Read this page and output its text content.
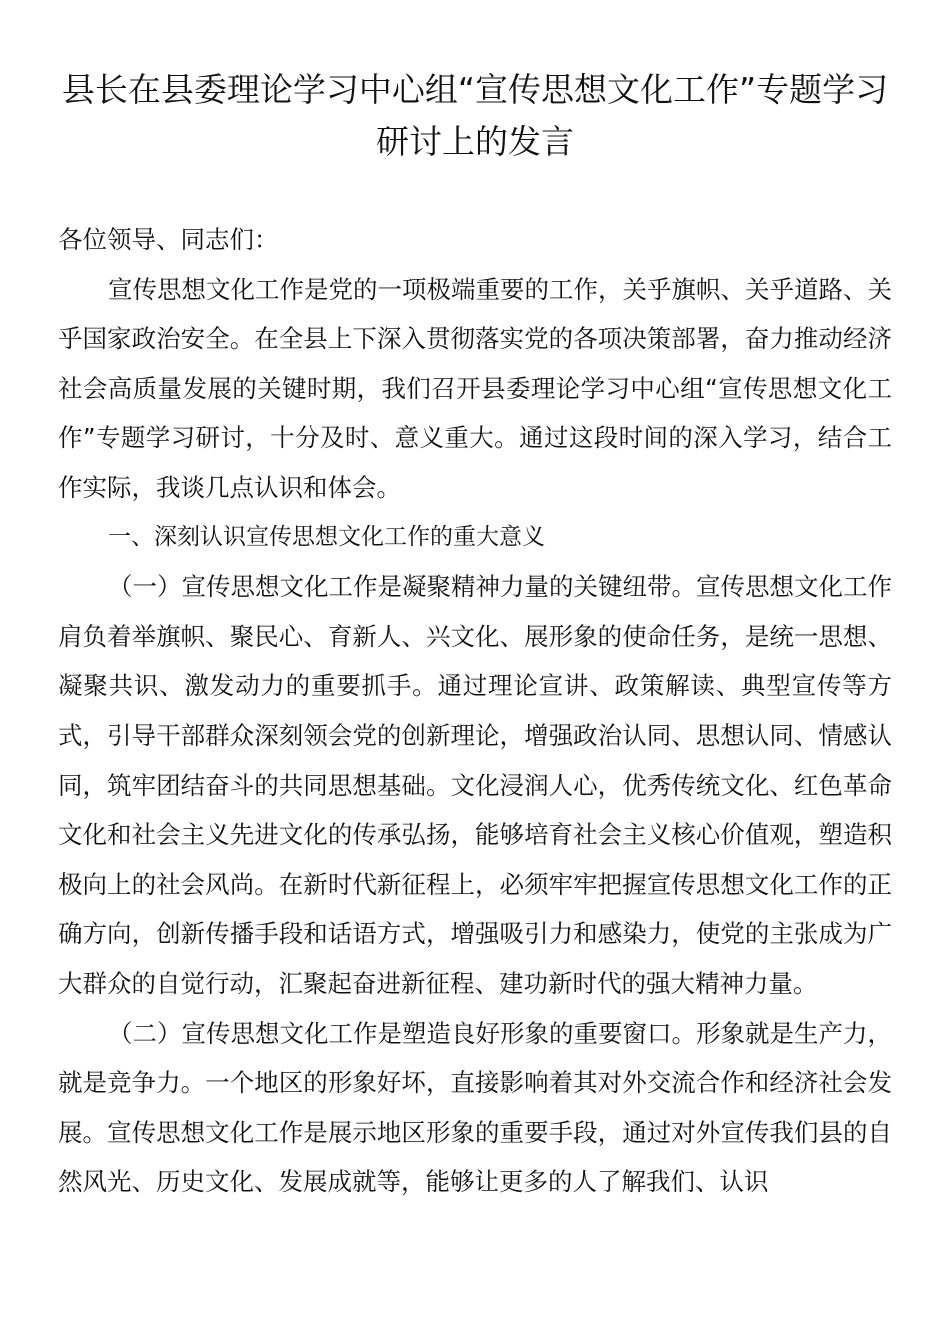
县长在县委理论学习中心组“宣传思想文化工作”专题学习研讨上的发言

各位领导、同志们：

宣传思想文化工作是党的一项极端重要的工作，关乎旗帜、关乎道路、关乎国家政治安全。在全县上下深入贯彻落实党的各项决策部署，奋力推动经济社会高质量发展的关键时期，我们召开县委理论学习中心组“宣传思想文化工作”专题学习研讨，十分及时、意义重大。通过这段时间的深入学习，结合工作实际，我谈几点认识和体会。

一、深刻认识宣传思想文化工作的重大意义

（一）宣传思想文化工作是凝聚精神力量的关键纽带。宣传思想文化工作肩负着举旗帜、聚民心、育新人、兴文化、展形象的使命任务，是统一思想、凝聚共识、激发动力的重要抓手。通过理论宣讲、政策解读、典型宣传等方式，引导干部群众深刻领会党的创新理论，增强政治认同、思想认同、情感认同，筑牢团结奋斗的共同思想基础。文化浸润人心，优秀传统文化、红色革命文化和社会主义先进文化的传承弘扬，能够培育社会主义核心价值观，塑造积极向上的社会风尚。在新时代新征程上，必须牢牢把握宣传思想文化工作的正确方向，创新传播手段和话语方式，增强吸引力和感染力，使党的主张成为广大群众的自觉行动，汇聚起奋进新征程、建功新时代的强大精神力量。

（二）宣传思想文化工作是塑造良好形象的重要窗口。形象就是生产力，就是竞争力。一个地区的形象好坏，直接影响着其对外交流合作和经济社会发展。宣传思想文化工作是展示地区形象的重要手段，通过对外宣传我们县的自然风光、历史文化、发展成就等，能够让更多的人了解我们、认识
